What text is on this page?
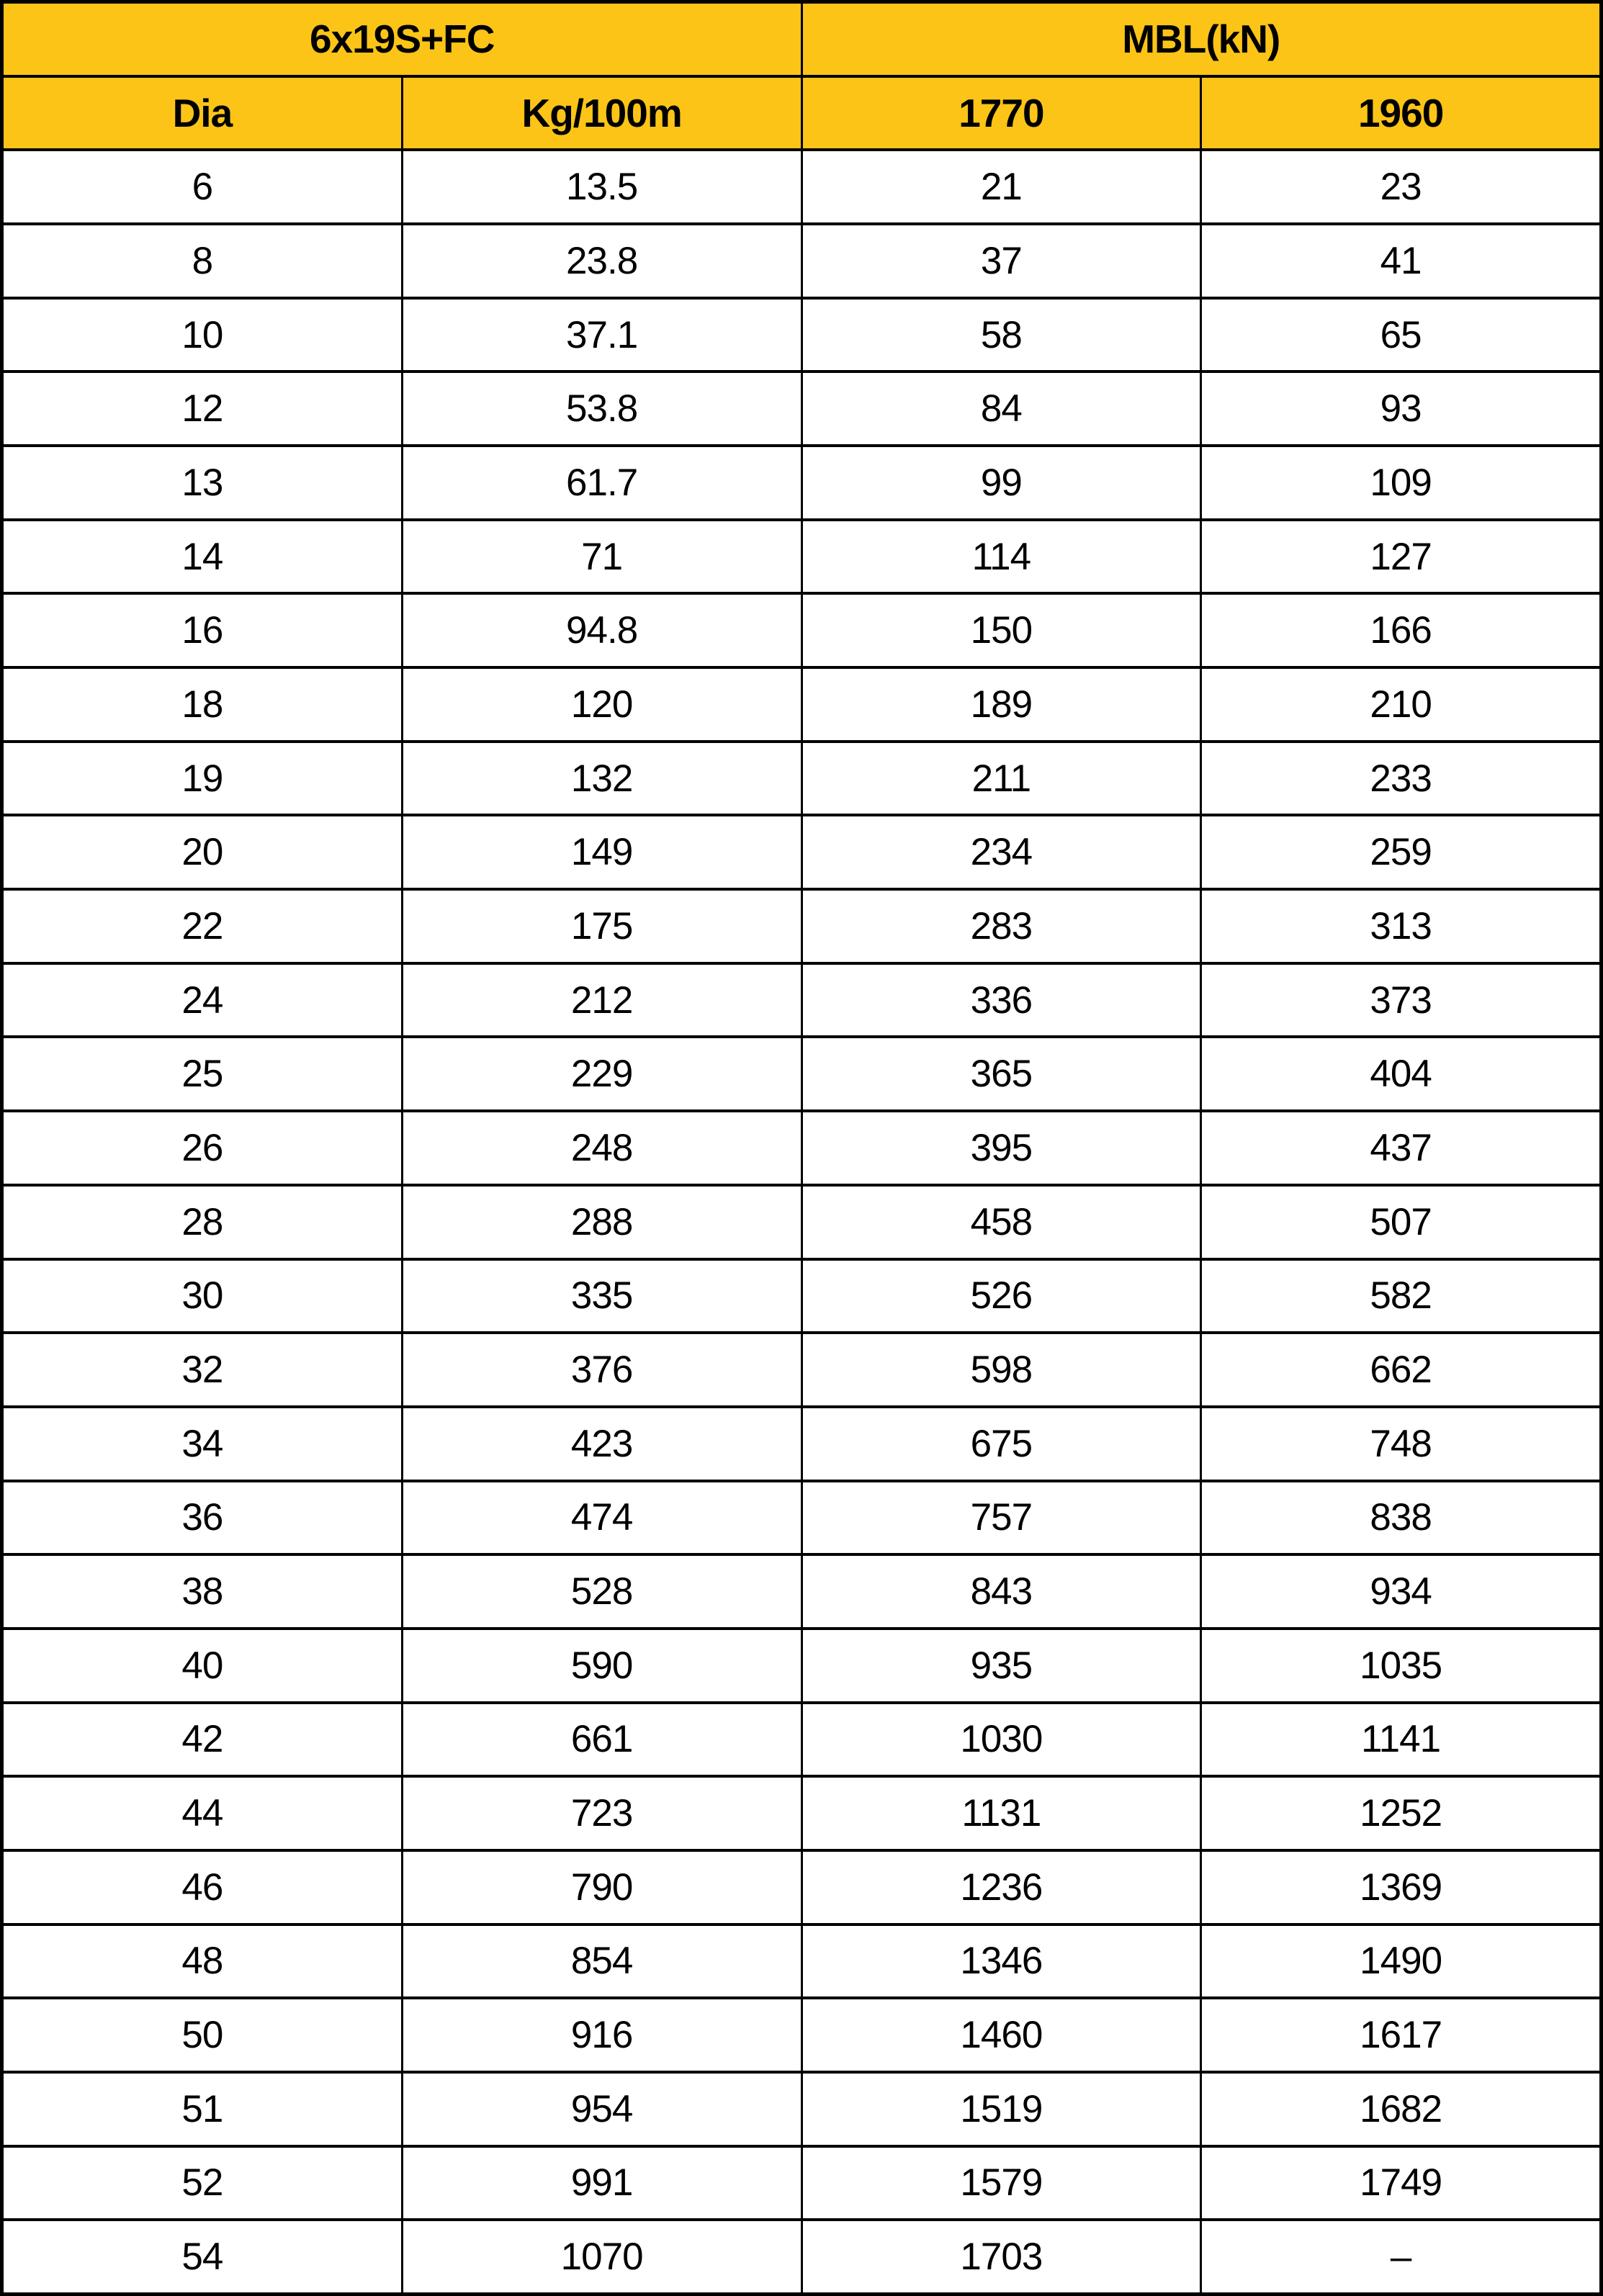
6x19S+FC	MBL(kN)
Dia	Kg/100m	1770	1960
6	13.5	21	23
8	23.8	37	41
10	37.1	58	65
12	53.8	84	93
13	61.7	99	109
14	71	114	127
16	94.8	150	166
18	120	189	210
19	132	211	233
20	149	234	259
22	175	283	313
24	212	336	373
25	229	365	404
26	248	395	437
28	288	458	507
30	335	526	582
32	376	598	662
34	423	675	748
36	474	757	838
38	528	843	934
40	590	935	1035
42	661	1030	1141
44	723	1131	1252
46	790	1236	1369
48	854	1346	1490
50	916	1460	1617
51	954	1519	1682
52	991	1579	1749
54	1070	1703	–
